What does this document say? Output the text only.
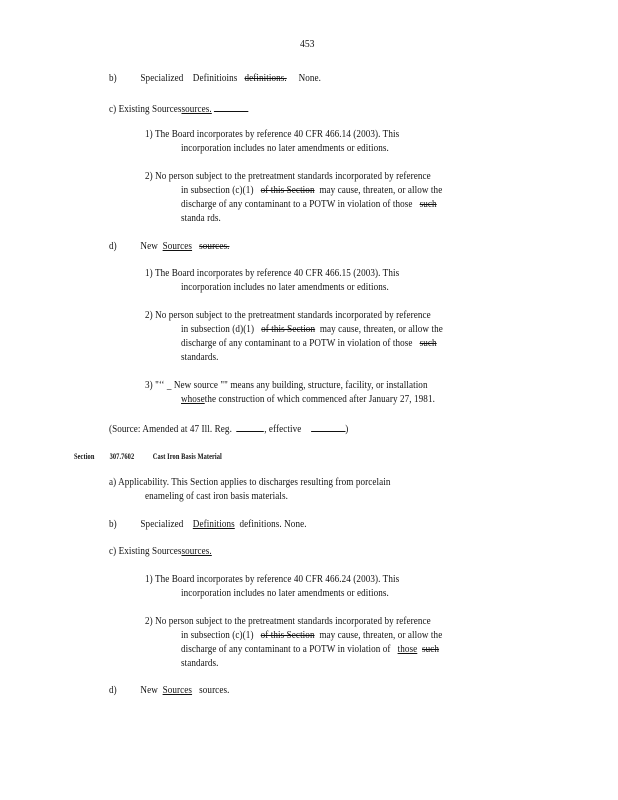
453
b) Specialized Definitioins definitions. None.
c) Existing Sourcessources.
1) The Board incorporates by reference 40 CFR 466.14 (2003). This
incorporation includes no later amendments or editions.
2) No person subject to the pretreatment standards incorporated by reference
in subsection (c)(1) of this Section may cause, threaten, or allow the
discharge of any contaminant to a POTW in violation of those such
standa rds.
d) New Sources sources.
1) The Board incorporates by reference 40 CFR 466.15 (2003). This
incorporation includes no later amendments or editions.
2) No person subject to the pretreatment standards incorporated by reference
in subsection (d)(1) of this Section may cause, threaten, or allow the
discharge of any contaminant to a POTW in violation of those such
standards.
3) "‘‘ _ New source "" means any building, structure, facility, or installation
whosethe construction of which commenced after January 27, 1981.
(Source: Amended at 47 Ill. Reg.	, effective	)
Section 307.7602 Cast Iron Basis Material
a) Applicability. This Section applies to discharges resulting from porcelain
enameling of cast iron basis materials.
b) Specialized Definitions definitions. None.
c) Existing Sourcessources.
1) The Board incorporates by reference 40 CFR 466.24 (2003). This
incorporation includes no later amendments or editions.
2) No person subject to the pretreatment standards incorporated by reference
in subsection (c)(1) of this Section may cause, threaten, or allow the
discharge of any contaminant to a POTW in violation of those such
standards.
d) New Sources sources.
